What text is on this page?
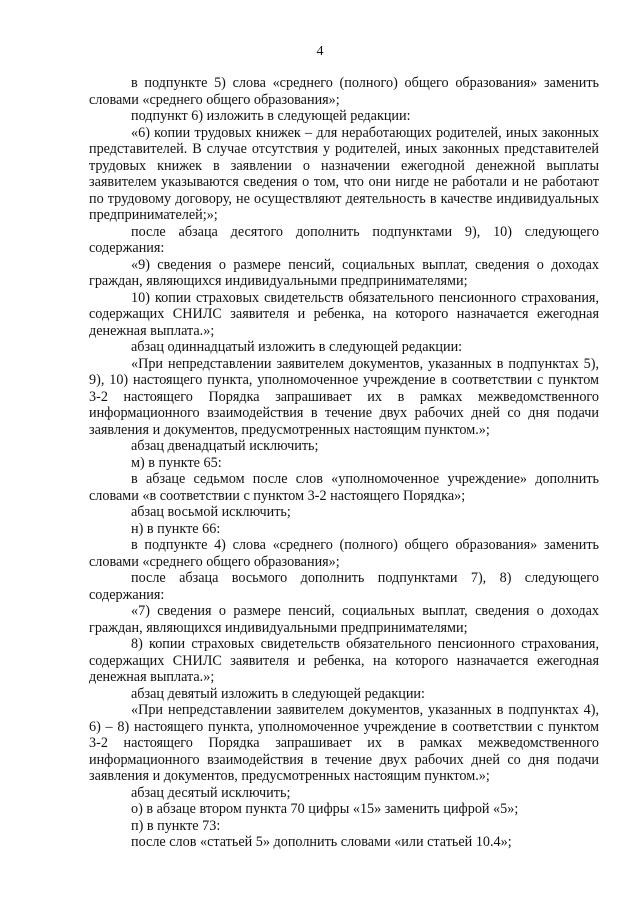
4

в подпункте 5) слова «среднего (полного) общего образования» заменить словами «среднего общего образования»;

подпункт 6) изложить в следующей редакции:

«6) копии трудовых книжек – для неработающих родителей, иных законных представителей. В случае отсутствия у родителей, иных законных представителей трудовых книжек в заявлении о назначении ежегодной денежной выплаты заявителем указываются сведения о том, что они нигде не работали и не работают по трудовому договору, не осуществляют деятельность в качестве индивидуальных предпринимателей;»;

после абзаца десятого дополнить подпунктами 9), 10) следующего содержания:

«9) сведения о размере пенсий, социальных выплат, сведения о доходах граждан, являющихся индивидуальными предпринимателями;

10) копии страховых свидетельств обязательного пенсионного страхования, содержащих СНИЛС заявителя и ребенка, на которого назначается ежегодная денежная выплата.»;

абзац одиннадцатый изложить в следующей редакции:

«При непредставлении заявителем документов, указанных в подпунктах 5), 9), 10) настоящего пункта, уполномоченное учреждение в соответствии с пунктом 3-2 настоящего Порядка запрашивает их в рамках межведомственного информационного взаимодействия в течение двух рабочих дней со дня подачи заявления и документов, предусмотренных настоящим пунктом.»;

абзац двенадцатый исключить;

м) в пункте 65:

в абзаце седьмом после слов «уполномоченное учреждение» дополнить словами «в соответствии с пунктом 3-2 настоящего Порядка»;

абзац восьмой исключить;

н) в пункте 66:

в подпункте 4) слова «среднего (полного) общего образования» заменить словами «среднего общего образования»;

после абзаца восьмого дополнить подпунктами 7), 8) следующего содержания:

«7) сведения о размере пенсий, социальных выплат, сведения о доходах граждан, являющихся индивидуальными предпринимателями;

8) копии страховых свидетельств обязательного пенсионного страхования, содержащих СНИЛС заявителя и ребенка, на которого назначается ежегодная денежная выплата.»;

абзац девятый изложить в следующей редакции:

«При непредставлении заявителем документов, указанных в подпунктах 4), 6) – 8) настоящего пункта, уполномоченное учреждение в соответствии с пунктом 3-2 настоящего Порядка запрашивает их в рамках межведомственного информационного взаимодействия в течение двух рабочих дней со дня подачи заявления и документов, предусмотренных настоящим пунктом.»;

абзац десятый исключить;

о) в абзаце втором пункта 70 цифры «15» заменить цифрой «5»;

п) в пункте 73:

после слов «статьей 5» дополнить словами «или статьей 10.4»;
